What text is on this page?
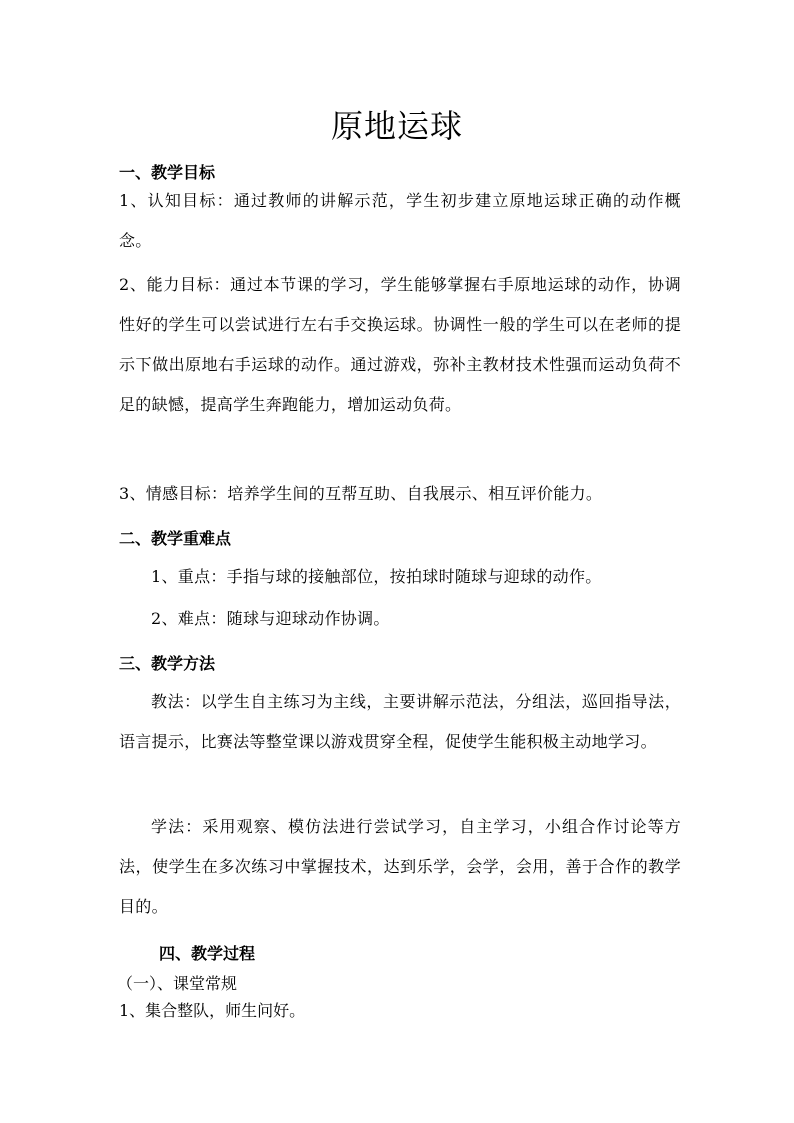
原地运球
一、教学目标
1、认知目标：通过教师的讲解示范，学生初步建立原地运球正确的动作概念。
2、能力目标：通过本节课的学习，学生能够掌握右手原地运球的动作，协调性好的学生可以尝试进行左右手交换运球。协调性一般的学生可以在老师的提示下做出原地右手运球的动作。通过游戏，弥补主教材技术性强而运动负荷不足的缺憾，提高学生奔跑能力，增加运动负荷。
3、情感目标：培养学生间的互帮互助、自我展示、相互评价能力。
二、教学重难点
1、重点：手指与球的接触部位，按拍球时随球与迎球的动作。
2、难点：随球与迎球动作协调。
三、教学方法
教法：以学生自主练习为主线，主要讲解示范法，分组法，巡回指导法，语言提示，比赛法等整堂课以游戏贯穿全程，促使学生能积极主动地学习。
学法：采用观察、模仿法进行尝试学习，自主学习，小组合作讨论等方法，使学生在多次练习中掌握技术，达到乐学，会学，会用，善于合作的教学目的。
四、教学过程
（一）、课堂常规
1、集合整队，师生问好。
